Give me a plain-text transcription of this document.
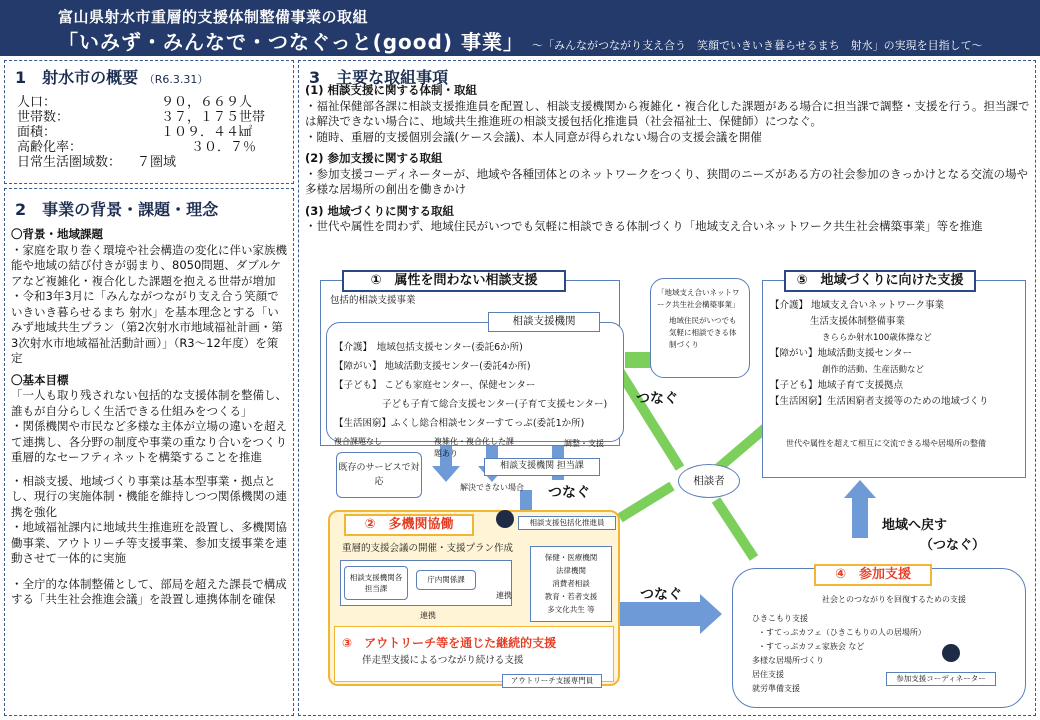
富山県射水市重層的支援体制整備事業の取組
「いみず・みんなで・つなぐっと(good) 事業」 ～「みんながつながり支え合う　笑顔でいきいき暮らせるまち　射水」の実現を目指して～
1　射水市の概要 （R6.3.31）
人口：	９０，６６９人
世帯数：	３７，１７５世帯
面積：	１０９．４４㎢
高齢化率：	３０．７％
日常生活圏域数：	７圏域
2　事業の背景・課題・理念
〇背景・地域課題
・家庭を取り巻く環境や社会構造の変化に伴い家族機能や地域の結び付きが弱まり、8050問題、ダブルケアなど複雑化・複合化した課題を抱える世帯が増加
・令和3年3月に「みんながつながり支え合う笑顔でいきいき暮らせるまち 射水」を基本理念とする「いみず地域共生プラン（第2次射水市地域福祉計画・第3次射水市地域福祉活動計画）」（R3～12年度）を策定
〇基本目標
「一人も取り残されない包括的な支援体制を整備し、誰もが自分らしく生活できる仕組みをつくる」
・関係機関や市民など多様な主体が立場の違いを超えて連携し、各分野の制度や事業の重なり合いをつくり重層的なセーフティネットを構築することを推進
・相談支援、地域づくり事業は基本型事業・拠点とし、現行の実施体制・機能を維持しつつ関係機関の連携を強化
・地域福祉課内に地域共生推進班を設置し、多機関協働事業、アウトリーチ等支援事業、参加支援事業を連動させて一体的に実施
・全庁的な体制整備として、部局を超えた課長で構成する「共生社会推進会議」を設置し連携体制を確保
3　主要な取組事項
(1) 相談支援に関する体制・取組
・福祉保健部各課に相談支援推進員を配置し、相談支援機関から複雑化・複合化した課題がある場合に担当課で調整・支援を行う。担当課では解決できない場合に、地域共生推進班の相談支援包括化推進員（社会福祉士、保健師）につなぐ。
・随時、重層的支援個別会議(ケース会議)、本人同意が得られない場合の支援会議を開催
(2) 参加支援に関する取組
・参加支援コーディネーターが、地域や各種団体とのネットワークをつくり、狭間のニーズがある方の社会参加のきっかけとなる交流の場や多様な居場所の創出を働きかけ
(3) 地域づくりに関する取組
・世代や属性を問わず、地域住民がいつでも気軽に相談できる体制づくり「地域支え合いネットワーク共生社会構築事業」等を推進
①　属性を問わない相談支援
包括的相談支援事業
相談支援機関
【介護】　地域包括支援センター(委託6か所)
【障がい】 地域活動支援センター(委託4か所)
【子ども】 こども家庭センター、保健センター
子ども子育て総合支援センター(子育て支援センター)
【生活困窮】ふくし総合相談センターすてっぷ(委託1か所)
複合課題なし	複雑化・複合化した課題あり
調整・支援
既存のサービスで対応
相談支援機関 担当課
解決できない場合 つなぐ
つなぐ
つなぐ
②　多機関協働	相談支援包括化推進員
重層的支援会議の開催・支援プラン作成
相談支援機関各担当課
庁内関係課
連携
保健・医療機関
法律機関
消費者相談
教育・若者支援
多文化共生 等
連携
③　アウトリーチ等を通じた継続的支援
伴走型支援によるつながり続ける支援
アウトリーチ支援専門員
「地域支え合いネットワーク共生社会構築事業」
地域住民がいつでも気軽に相談できる体制づくり
相談者
⑤　地域づくりに向けた支援
【介護】 地域支え合いネットワーク事業
生活支援体制整備事業
きららか射水100歳体操など
【障がい】地域活動支援センター
創作的活動、生産活動など
【子ども】地域子育て支援拠点
【生活困窮】生活困窮者支援等のための地域づくり
世代や属性を超えて相互に交流できる場や居場所の整備
地域へ戻す
（つなぐ）
④　参加支援
社会とのつながりを回復するための支援
ひきこもり支援
・すてっぷカフェ（ひきこもりの人の居場所）
・すてっぷカフェ家族会 など
多様な居場所づくり
居住支援
就労準備支援
参加支援コーディネーター
